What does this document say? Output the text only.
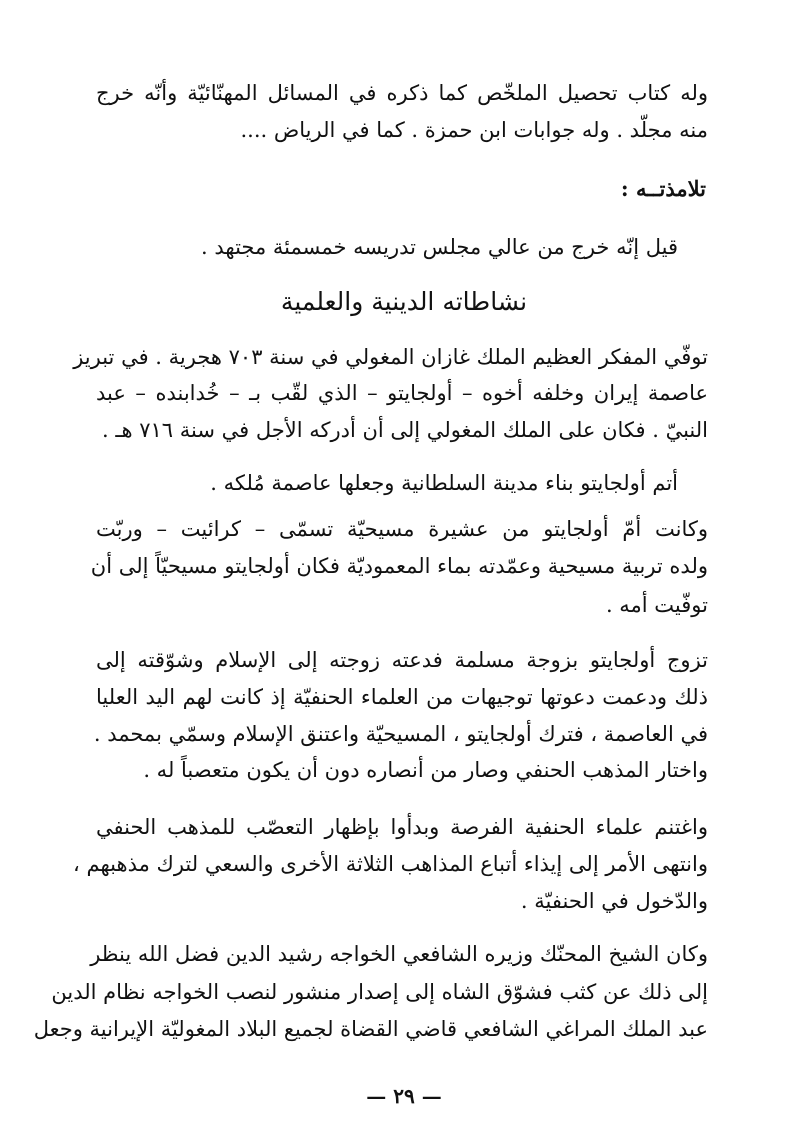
وله كتاب تحصيل الملخّص كما ذكره في المسائل المهنّائيّة وأنّه خرج
منه مجلّد . وله جوابات ابن حمزة . كما في الرياض ....
تلامذتــه :
قيل إنّه خرج من عالي مجلس تدريسه خمسمئة مجتهد .
نشاطاته الدينية والعلمية
توفّي المفكر العظيم الملك غازان المغولي في سنة ٧٠٣ هجرية . في تبريز
عاصمة إيران وخلفه أخوه – أولجايتو – الذي لقّب بـ – خُدابنده – عبد
النبيّ . فكان على الملك المغولي إلى أن أدركه الأجل في سنة ٧١٦ هـ .
أتم أولجايتو بناء مدينة السلطانية وجعلها عاصمة مُلكه .
وكانت أمّ أولجايتو من عشيرة مسيحيّة تسمّى – كرائيت – وربّت
ولده تربية مسيحية وعمّدته بماء المعموديّة فكان أولجايتو مسيحيّاً إلى أن
توفّيت أمه .
تزوج أولجايتو بزوجة مسلمة فدعته زوجته إلى الإسلام وشوّقته إلى
ذلك ودعمت دعوتها توجيهات من العلماء الحنفيّة إذ كانت لهم اليد العليا
في العاصمة ، فترك أولجايتو ، المسيحيّة واعتنق الإسلام وسمّي بمحمد .
واختار المذهب الحنفي وصار من أنصاره دون أن يكون متعصباً له .
واغتنم علماء الحنفية الفرصة وبدأوا بإظهار التعصّب للمذهب الحنفي
وانتهى الأمر إلى إيذاء أتباع المذاهب الثلاثة الأخرى والسعي لترك مذهبهم ،
والدّخول في الحنفيّة .
وكان الشيخ المحنّك وزيره الشافعي الخواجه رشيد الدين فضل الله ينظر
إلى ذلك عن كثب فشوّق الشاه إلى إصدار منشور لنصب الخواجه نظام الدين
عبد الملك المراغي الشافعي قاضي القضاة لجميع البلاد المغوليّة الإيرانية وجعل
— ٢٩ —
